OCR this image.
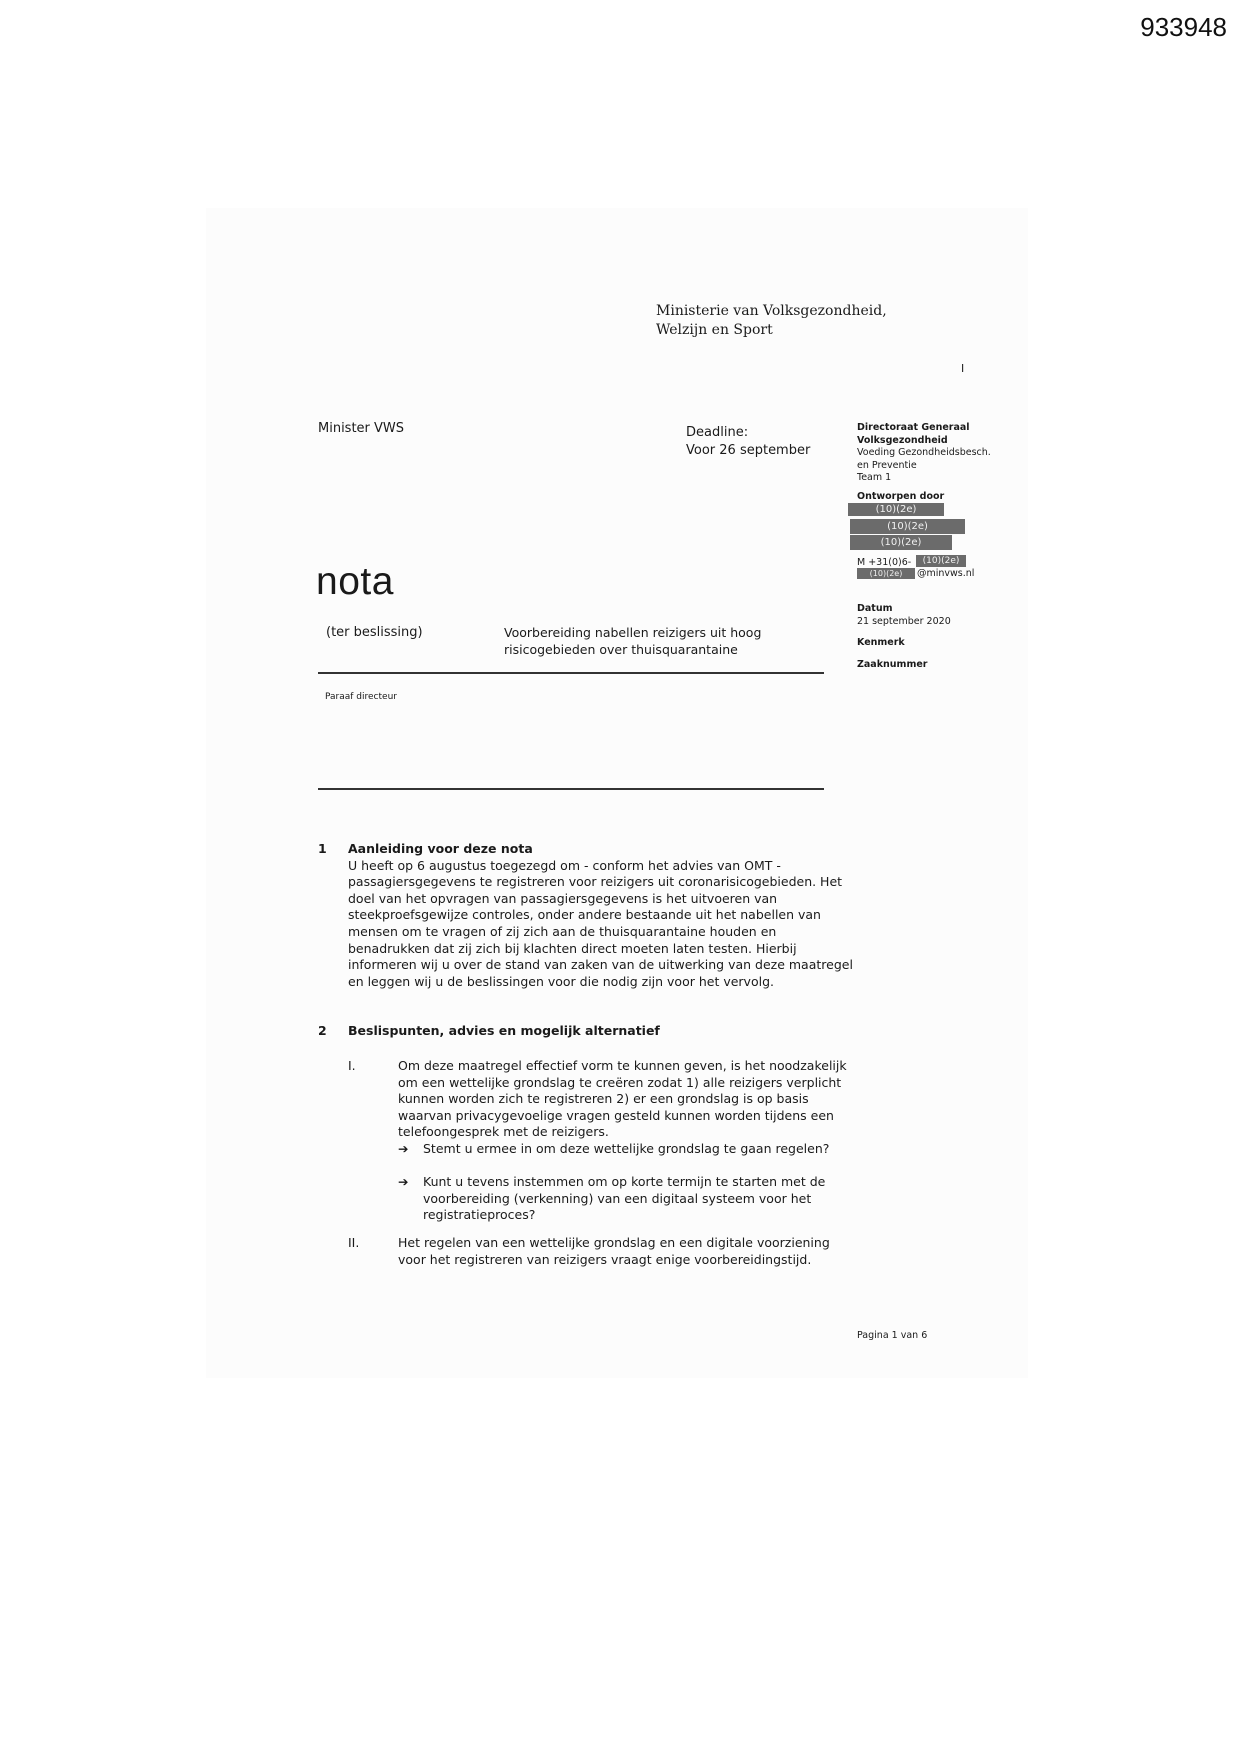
933948
Ministerie van Volksgezondheid,
Welzijn en Sport
I
Minister VWS	Deadline:
Voor 26 september
Directoraat Generaal
Volksgezondheid
Voeding Gezondheidsbesch.
en Preventie
Team 1
Ontworpen door
(10)(2e)
(10)(2e)
(10)(2e)
M +31(0)6-	(10)(2e)
(10)(2e)	@minvws.nl
Datum
21 september 2020
Kenmerk
Zaaknummer
nota
(ter beslissing)	Voorbereiding nabellen reizigers uit hoog risicogebieden over thuisquarantaine
Paraaf directeur
1 Aanleiding voor deze nota
U heeft op 6 augustus toegezegd om - conform het advies van OMT - passagiersgegevens te registreren voor reizigers uit coronarisicogebieden. Het doel van het opvragen van passagiersgegevens is het uitvoeren van steekproefsgewijze controles, onder andere bestaande uit het nabellen van mensen om te vragen of zij zich aan de thuisquarantaine houden en benadrukken dat zij zich bij klachten direct moeten laten testen. Hierbij informeren wij u over de stand van zaken van de uitwerking van deze maatregel en leggen wij u de beslissingen voor die nodig zijn voor het vervolg.
2 Beslispunten, advies en mogelijk alternatief
I.	Om deze maatregel effectief vorm te kunnen geven, is het noodzakelijk om een wettelijke grondslag te creëren zodat 1) alle reizigers verplicht kunnen worden zich te registreren 2) er een grondslag is op basis waarvan privacygevoelige vragen gesteld kunnen worden tijdens een telefoongesprek met de reizigers.
➔ Stemt u ermee in om deze wettelijke grondslag te gaan regelen?
➔ Kunt u tevens instemmen om op korte termijn te starten met de voorbereiding (verkenning) van een digitaal systeem voor het registratieproces?
II.	Het regelen van een wettelijke grondslag en een digitale voorziening voor het registreren van reizigers vraagt enige voorbereidingstijd.
Pagina 1 van 6
